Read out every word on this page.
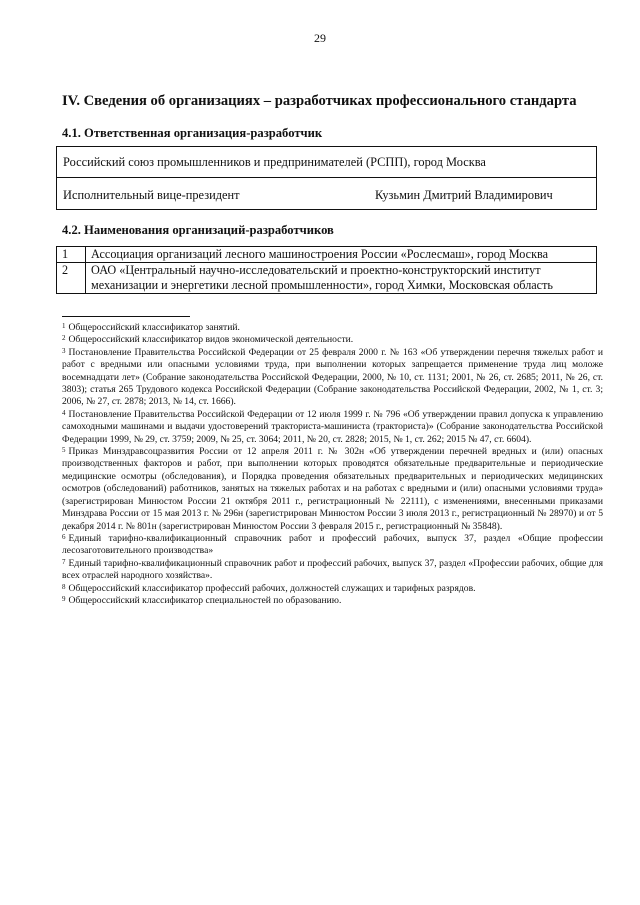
29
IV. Сведения об организациях – разработчиках профессионального стандарта
4.1. Ответственная организация-разработчик
Российский союз промышленников и предпринимателей (РСПП), город Москва
Исполнительный вице-президент	Кузьмин Дмитрий Владимирович
4.2. Наименования организаций-разработчиков
1	Ассоциация организаций лесного машиностроения России «Рослесмаш», город Москва
2	ОАО «Центральный научно-исследовательский и проектно-конструкторский институт механизации и энергетики лесной промышленности», город Химки, Московская область

$^1$ Общероссийский классификатор занятий.

$^2$ Общероссийский классификатор видов экономической деятельности.

$^3$ Постановление Правительства Российской Федерации от 25 февраля 2000 г. № 163 «Об утверждении перечня тяжелых работ и работ с вредными или опасными условиями труда, при выполнении которых запрещается применение труда лиц моложе восемнадцати лет» (Собрание законодательства Российской Федерации, 2000, № 10, ст. 1131; 2001, № 26, ст. 2685; 2011, № 26, ст. 3803); статья 265 Трудового кодекса Российской Федерации (Собрание законодательства Российской Федерации, 2002, № 1, ст. 3; 2006, № 27, ст. 2878; 2013, № 14, ст. 1666).

$^4$ Постановление Правительства Российской Федерации от 12 июля 1999 г. № 796 «Об утверждении правил допуска к управлению самоходными машинами и выдачи удостоверений тракториста-машиниста (тракториста)» (Собрание законодательства Российской Федерации 1999, № 29, ст. 3759; 2009, № 25, ст. 3064; 2011, № 20, ст. 2828; 2015, № 1, ст. 262; 2015 № 47, ст. 6604).

$^5$ Приказ Минздравсоцразвития России от 12 апреля 2011 г. № 302н «Об утверждении перечней вредных и (или) опасных производственных факторов и работ, при выполнении которых проводятся обязательные предварительные и периодические медицинские осмотры (обследования), и Порядка проведения обязательных предварительных и периодических медицинских осмотров (обследований) работников, занятых на тяжелых работах и на работах с вредными и (или) опасными условиями труда» (зарегистрирован Минюстом России 21 октября 2011 г., регистрационный № 22111), с изменениями, внесенными приказами Минздрава России от 15 мая 2013 г. № 296н (зарегистрирован Минюстом России 3 июля 2013 г., регистрационный № 28970) и от 5 декабря 2014 г. № 801н (зарегистрирован Минюстом России 3 февраля 2015 г., регистрационный № 35848).

$^6$ Единый тарифно-квалификационный справочник работ и профессий рабочих, выпуск 37, раздел «Общие профессии лесозаготовительного производства»

$^7$ Единый тарифно-квалификационный справочник работ и профессий рабочих, выпуск 37, раздел «Профессии рабочих, общие для всех отраслей народного хозяйства».

$^8$ Общероссийский классификатор профессий рабочих, должностей служащих и тарифных разрядов.

$^9$ Общероссийский классификатор специальностей по образованию.
